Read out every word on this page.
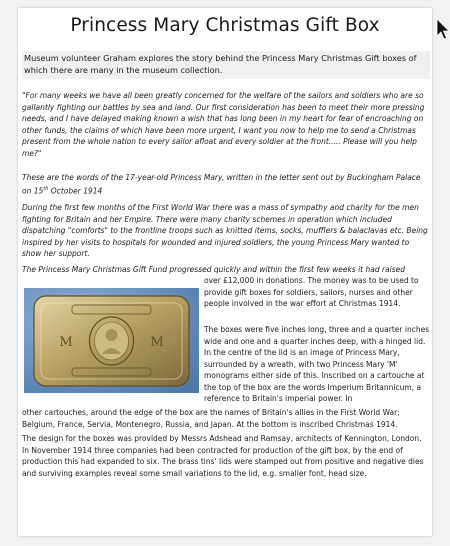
Princess Mary Christmas Gift Box

Museum volunteer Graham explores the story behind the Princess Mary Christmas Gift boxes of which there are many in the museum collection.

"For many weeks we have all been greatly concerned for the welfare of the sailors and soldiers who are so gallantly fighting our battles by sea and land. Our first consideration has been to meet their more pressing needs, and I have delayed making known a wish that has long been in my heart for fear of encroaching on other funds, the claims of which have been more urgent, I want you now to help me to send a Christmas present from the whole nation to every sailor afloat and every soldier at the front..... Please will you help me?"

These are the words of the 17-year-old Princess Mary, written in the letter sent out by Buckingham Palace on 15th October 1914

During the first few months of the First World War there was a mass of sympathy and charity for the men fighting for Britain and her Empire. There were many charity schemes in operation which included dispatching "comforts" to the frontline troops such as knitted items, socks, mufflers & balaclavas etc. Being inspired by her visits to hospitals for wounded and injured soldiers, the young Princess Mary wanted to show her support.

The Princess Mary Christmas Gift Fund progressed quickly and within the first few weeks it had raised

M	M

over £12,000 in donations. The money was to be used to provide gift boxes for soldiers, sailors, nurses and other people involved in the war effort at Christmas 1914.

The boxes were five inches long, three and a quarter inches wide and one and a quarter inches deep, with a hinged lid. In the centre of the lid is an image of Princess Mary, surrounded by a wreath, with two Princess Mary 'M' monograms either side of this. Inscribed on a cartouche at the top of the box are the words Imperium Britannicum, a reference to Britain's imperial power. In

other cartouches, around the edge of the box are the names of Britain's allies in the First World War; Belgium, France, Servia, Montenegro, Russia, and Japan. At the bottom is inscribed Christmas 1914.

The design for the boxes was provided by Messrs Adshead and Ramsay, architects of Kennington, London. In November 1914 three companies had been contracted for production of the gift box, by the end of production this had expanded to six. The brass tins' lids were stamped out from positive and negative dies and surviving examples reveal some small variations to the lid, e.g. smaller font, head size.
